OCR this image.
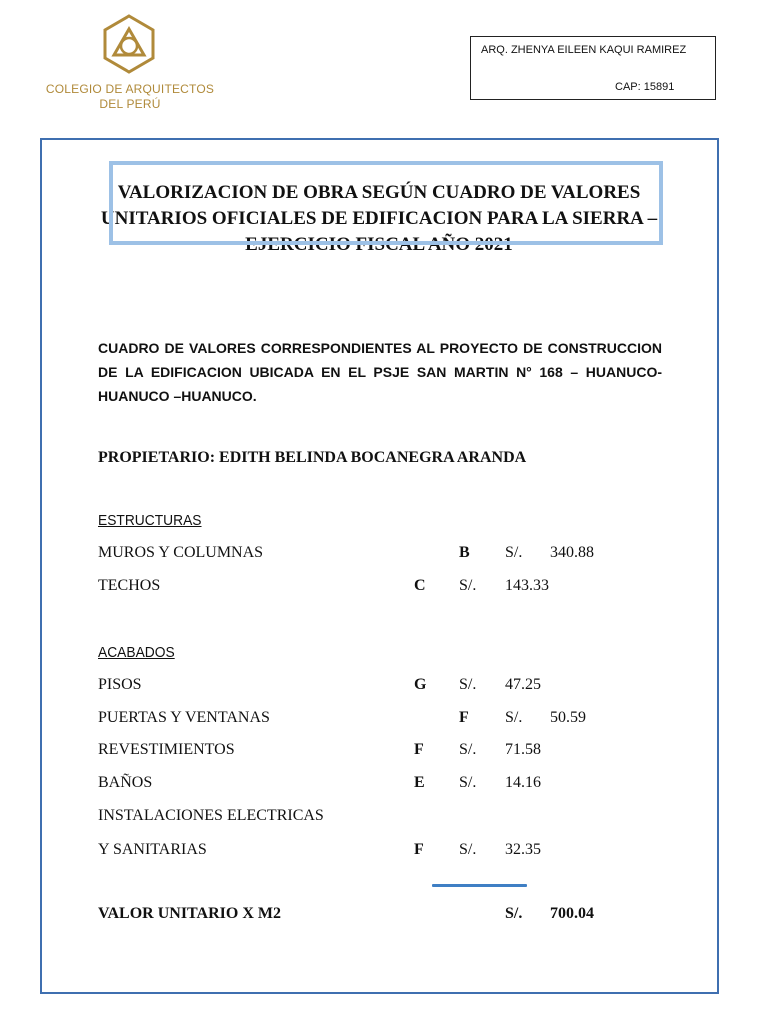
COLEGIO DE ARQUITECTOS
DEL PERÚ
ARQ. ZHENYA EILEEN KAQUI RAMIREZ
CAP: 15891
VALORIZACION DE OBRA SEGÚN CUADRO DE VALORES UNITARIOS OFICIALES DE EDIFICACION PARA LA SIERRA – EJERCICIO FISCAL AÑO 2021
CUADRO DE VALORES CORRESPONDIENTES AL PROYECTO DE CONSTRUCCION DE LA EDIFICACION UBICADA EN EL PSJE SAN MARTIN N° 168 – HUANUCO- HUANUCO –HUANUCO.
PROPIETARIO: EDITH BELINDA BOCANEGRA ARANDA
ESTRUCTURAS
MUROS Y COLUMNAS	B S/. 340.88
TECHOS	C S/. 143.33
ACABADOS
PISOS	G S/. 47.25
PUERTAS Y VENTANAS	F S/. 50.59
REVESTIMIENTOS	F S/. 71.58
BAÑOS	E S/. 14.16
INSTALACIONES ELECTRICAS
Y SANITARIAS	F S/. 32.35
VALOR UNITARIO X M2	S/. 700.04
